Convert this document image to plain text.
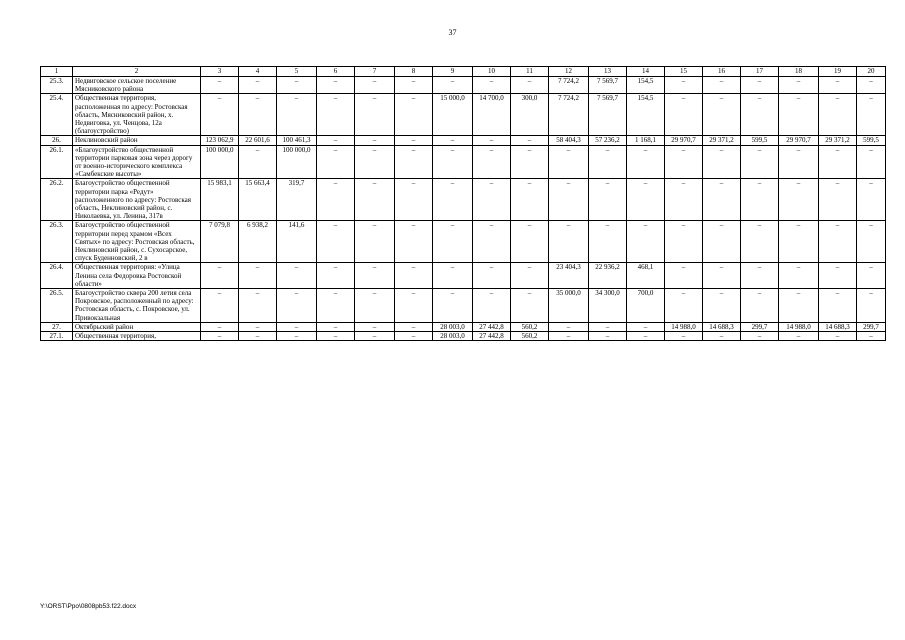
37
1	2	3	4	5	6	7	8	9	10	11	12	13	14	15	16	17	18	19	20
25.3.	Недвиговское сельское поселение Мясниковского района	–	–	–	–	–	–	–	–	–	7 724,2	7 569,7	154,5	–	–	–	–	–	–
25.4.	Общественная территория, расположенная по адресу: Ростовская область, Мясниковский район, х. Недвиговка, ул. Ченцова, 12а (благоустройство)	–	–	–	–	–	–	15 000,0	14 700,0	300,0	7 724,2	7 569,7	154,5	–	–	–	–	–	–
26.	Неклиновский район	123 062,9	22 601,6	100 461,3	–	–	–	–	–	–	58 404,3	57 236,2	1 168,1	29 970,7	29 371,2	599,5	29 970,7	29 371,2	599,5
26.1.	«Благоустройство общественной территории парковая зона через дорогу от военно-исторического комплекса «Самбекские высоты»	100 000,0	–	100 000,0	–	–	–	–	–	–	–	–	–	–	–	–	–	–	–
26.2.	Благоустройство общественной территории парка «Редут» расположенного по адресу: Ростовская область, Неклиновский район, с. Николаевка, ул. Ленина, 317в	15 983,1	15 663,4	319,7	–	–	–	–	–	–	–	–	–	–	–	–	–	–	–
26.3.	Благоустройство общественной территории перед храмом «Всех Святых» по адресу: Ростовская область, Неклиновский район, с. Сухосарское, спуск Буденновский, 2 в	7 079,8	6 938,2	141,6	–	–	–	–	–	–	–	–	–	–	–	–	–	–	–
26.4.	Общественная территория: «Улица Ленина села Федоровка Ростовской области»	–	–	–	–	–	–	–	–	–	23 404,3	22 936,2	468,1	–	–	–	–	–	–
26.5.	Благоустройство сквера 200 летия села Покровское, расположенный по адресу: Ростовская область, с. Покровское, ул. Привокзальная	–	–	–	–	–	–	–	–	–	35 000,0	34 300,0	700,0	–	–	–	–	–	–
27.	Октябрьский район	–	–	–	–	–	–	28 003,0	27 442,8	560,2	–	–	–	14 988,0	14 688,3	299,7	14 988,0	14 688,3	299,7
27.1.	Общественная территория,	–	–	–	–	–	–	28 003,0	27 442,8	560,2	–	–	–	–	–	–	–	–	–
Y:\ORST\Ppo\0808pb53.f22.docx
